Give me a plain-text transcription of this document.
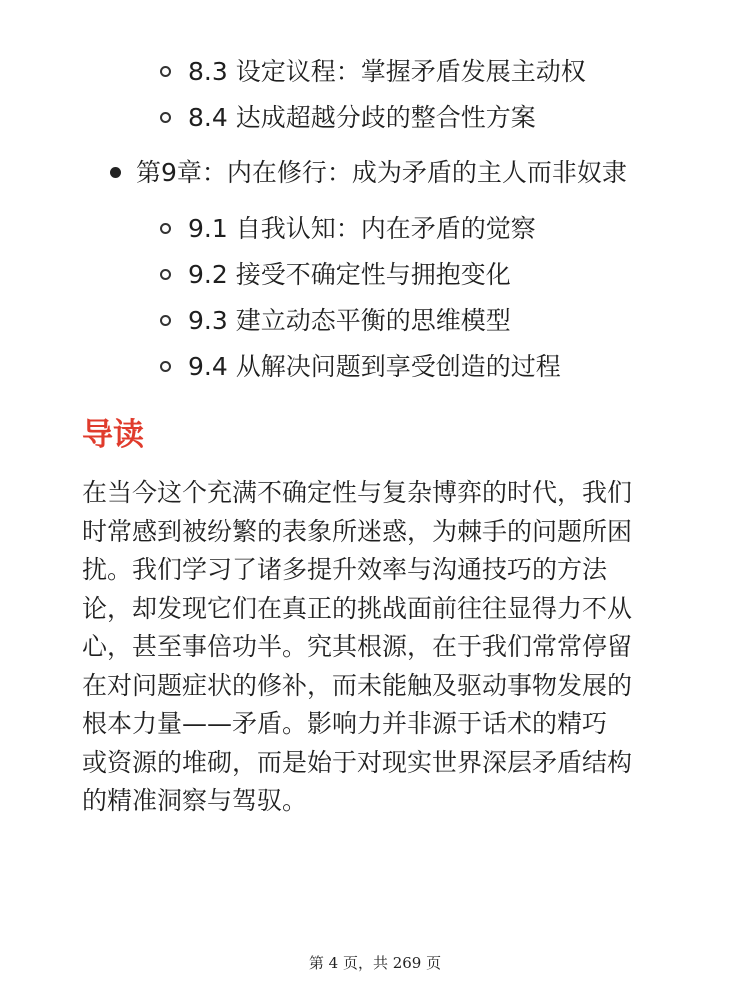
8.3 设定议程：掌握矛盾发展主动权
8.4 达成超越分歧的整合性方案
第9章：内在修行：成为矛盾的主人而非奴隶
9.1 自我认知：内在矛盾的觉察
9.2 接受不确定性与拥抱变化
9.3 建立动态平衡的思维模型
9.4 从解决问题到享受创造的过程
导读
在当今这个充满不确定性与复杂博弈的时代，我们
时常感到被纷繁的表象所迷惑，为棘手的问题所困
扰。我们学习了诸多提升效率与沟通技巧的方法
论，却发现它们在真正的挑战面前往往显得力不从
心，甚至事倍功半。究其根源，在于我们常常停留
在对问题症状的修补，而未能触及驱动事物发展的
根本力量——矛盾。影响力并非源于话术的精巧
或资源的堆砌，而是始于对现实世界深层矛盾结构
的精准洞察与驾驭。
第 4 页，共 269 页
